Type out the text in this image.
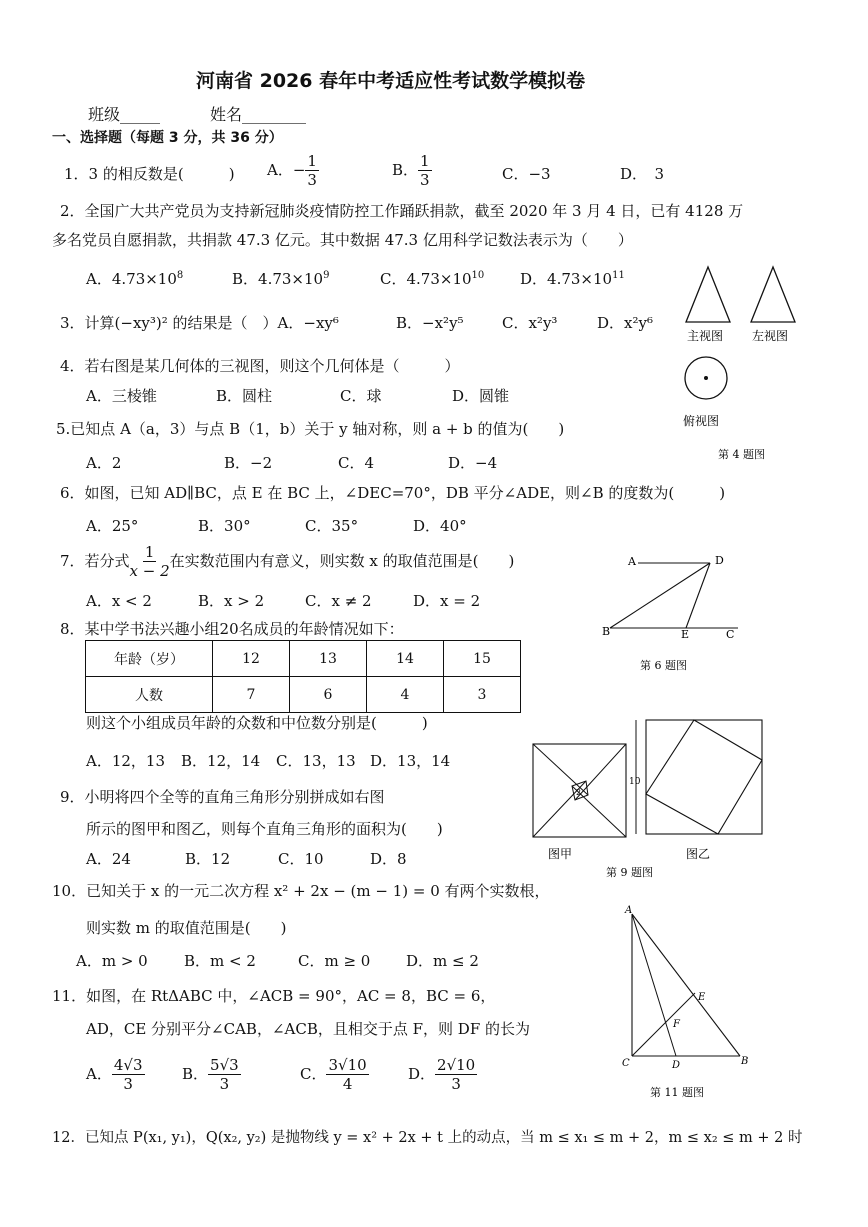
河南省 2026 春年中考适应性考试数学模拟卷
班级_____	姓名________
一、选择题（每题 3 分，共 36 分）
1．3 的相反数是(　　　) A．− $\frac{1}{3}$	B． $\frac{1}{3}$	C．−3	D．　3
2．全国广大共产党员为支持新冠肺炎疫情防控工作踊跃捐款，截至 2020 年 3 月 4 日，已有 4128 万
多名党员自愿捐款，共捐款 47.3 亿元。其中数据 47.3 亿用科学记数法表示为（　　）
A．$4.73\times 10^8$	B．$4.73\times 10^9$	C．$4.73\times 10^{10}$ D．$4.73\times 10^{11}$
3．计算(−xy³)² 的结果是（　）A．−xy⁶	B．−x²y⁵	C．x²y³	D．x²y⁶
4．若右图是某几何体的三视图，则这个几何体是（　　　）
A．三棱锥	B．圆柱	C．球	D．圆锥
5.已知点 A（a，3）与点 B（1，b）关于 y 轴对称，则 a + b 的值为(　　)
A．2	B．−2	C．4	D．−4
6．如图，已知 AD∥BC，点 E 在 BC 上，∠DEC=70°，DB 平分∠ADE，则∠B 的度数为(　　　)
A．25°	B．30°	C．35°	D．40°
7．若分式 $\frac{1}{x - 2}$ 在实数范围内有意义，则实数 x 的取值范围是(　　)
A．x < 2	B．x > 2	C．x ≠ 2	D．x = 2
8．某中学书法兴趣小组20名成员的年龄情况如下：
年龄（岁）	12	13	14	15
人数	7	6	4	3
则这个小组成员年龄的众数和中位数分别是(　　　)
A．12，13 B．12，14 C．13，13 D．13，14
9．小明将四个全等的直角三角形分别拼成如右图
所示的图甲和图乙，则每个直角三角形的面积为(　　)
A．24	B．12	C．10	D．8
10．已知关于 x 的一元二次方程 x² + 2x − (m − 1) = 0 有两个实数根，
则实数 m 的取值范围是(　　)
A．m > 0 B．m < 2	C．m ≥ 0 D．m ≤ 2
11．如图，在 RtΔABC 中，∠ACB = 90°，AC = 8，BC = 6，
AD，CE 分别平分∠CAB，∠ACB，且相交于点 F，则 DF 的长为
A． $\frac{4√3}{3}$	B． $\frac{5√3}{3}$	C． $\frac{3√10}{4}$	D． $\frac{2√10}{3}$
12．已知点 P(x₁, y₁)，Q(x₂, y₂) 是抛物线 y = x² + 2x + t 上的动点，当 m ≤ x₁ ≤ m + 2，m ≤ x₂ ≤ m + 2 时
主视图 左视图
俯视图
第 4 题图
A	D
B	E	C
第 6 题图
2
10
图甲	图乙
第 9 题图
A
E
F
C	D	B
第 11 题图
